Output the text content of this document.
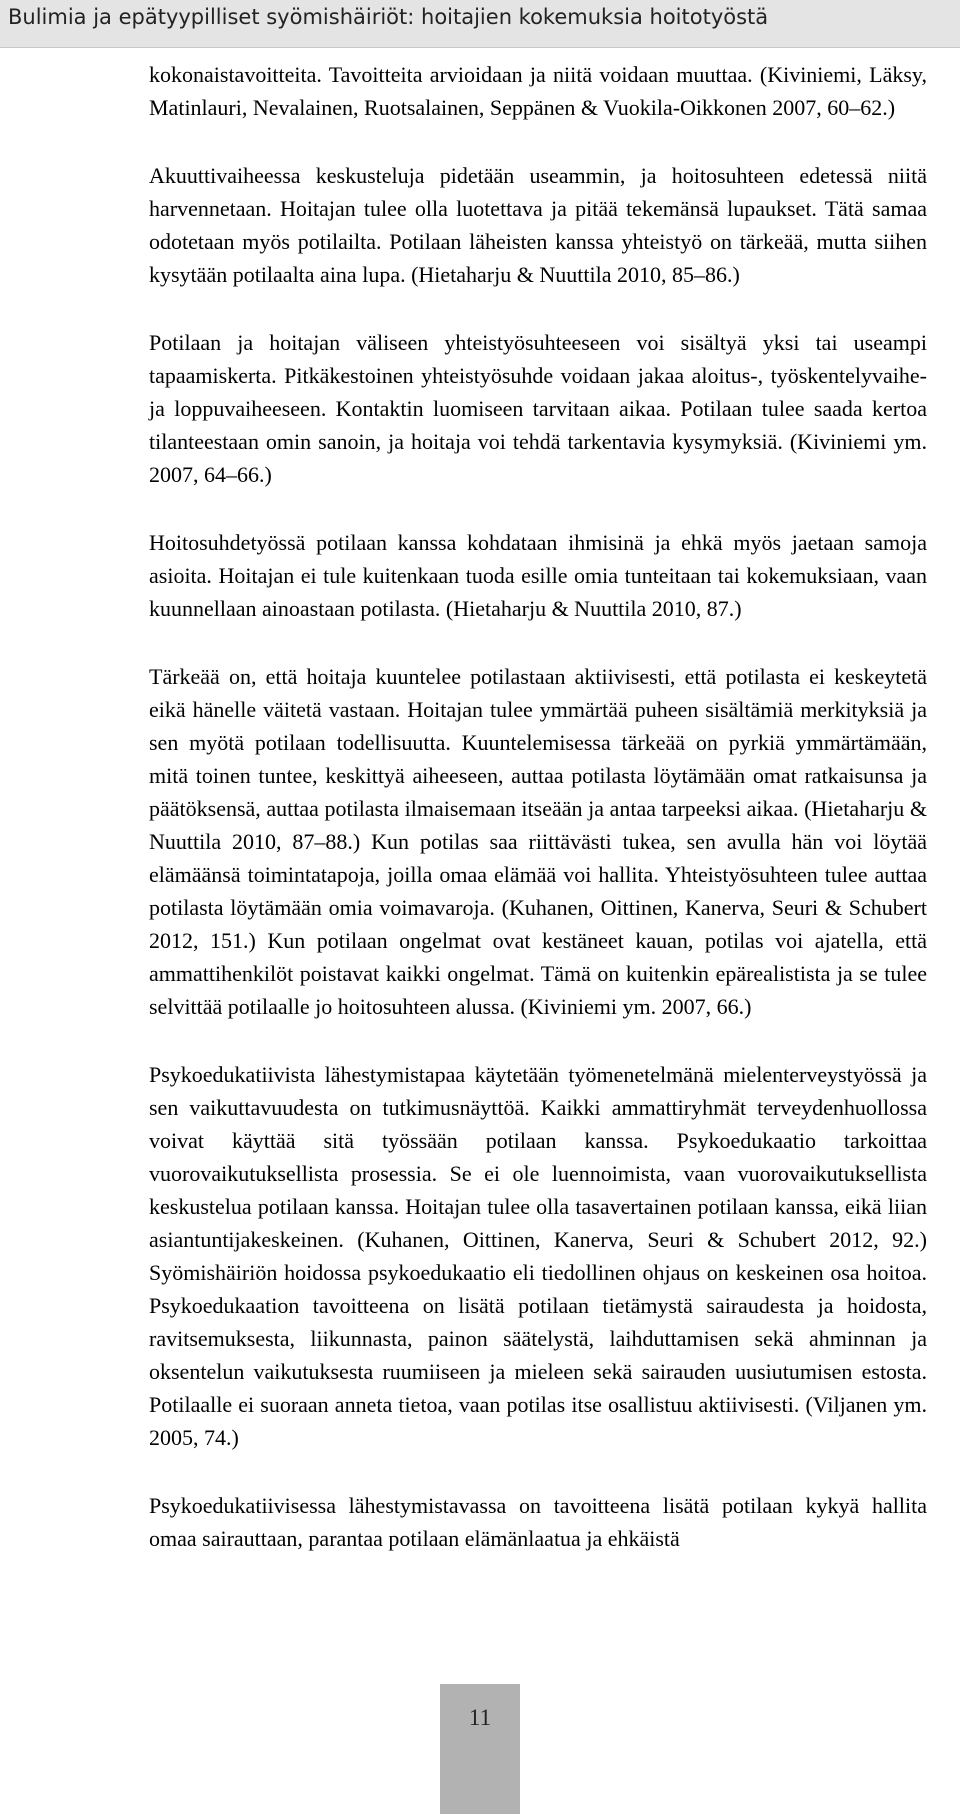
Bulimia ja epätyypilliset syömishäiriöt: hoitajien kokemuksia hoitotyöstä

kokonaistavoitteita. Tavoitteita arvioidaan ja niitä voidaan muuttaa. (Kiviniemi, Läksy, Matinlauri, Nevalainen, Ruotsalainen, Seppänen & Vuokila-Oikkonen 2007, 60–62.)

Akuuttivaiheessa keskusteluja pidetään useammin, ja hoitosuhteen edetessä niitä harvennetaan. Hoitajan tulee olla luotettava ja pitää tekemänsä lupaukset. Tätä samaa odotetaan myös potilailta. Potilaan läheisten kanssa yhteistyö on tärkeää, mutta siihen kysytään potilaalta aina lupa. (Hietaharju & Nuuttila 2010, 85–86.)

Potilaan ja hoitajan väliseen yhteistyösuhteeseen voi sisältyä yksi tai useampi tapaamiskerta. Pitkäkestoinen yhteistyösuhde voidaan jakaa aloitus-, työskentelyvaihe- ja loppuvaiheeseen. Kontaktin luomiseen tarvitaan aikaa. Potilaan tulee saada kertoa tilanteestaan omin sanoin, ja hoitaja voi tehdä tarkentavia kysymyksiä. (Kiviniemi ym. 2007, 64–66.)

Hoitosuhdetyössä potilaan kanssa kohdataan ihmisinä ja ehkä myös jaetaan samoja asioita. Hoitajan ei tule kuitenkaan tuoda esille omia tunteitaan tai kokemuksiaan, vaan kuunnellaan ainoastaan potilasta. (Hietaharju & Nuuttila 2010, 87.)

Tärkeää on, että hoitaja kuuntelee potilastaan aktiivisesti, että potilasta ei keskeytetä eikä hänelle väitetä vastaan. Hoitajan tulee ymmärtää puheen sisältämiä merkityksiä ja sen myötä potilaan todellisuutta. Kuuntelemisessa tärkeää on pyrkiä ymmärtämään, mitä toinen tuntee, keskittyä aiheeseen, auttaa potilasta löytämään omat ratkaisunsa ja päätöksensä, auttaa potilasta ilmaisemaan itseään ja antaa tarpeeksi aikaa. (Hietaharju & Nuuttila 2010, 87–88.) Kun potilas saa riittävästi tukea, sen avulla hän voi löytää elämäänsä toimintatapoja, joilla omaa elämää voi hallita. Yhteistyösuhteen tulee auttaa potilasta löytämään omia voimavaroja. (Kuhanen, Oittinen, Kanerva, Seuri & Schubert 2012, 151.) Kun potilaan ongelmat ovat kestäneet kauan, potilas voi ajatella, että ammattihenkilöt poistavat kaikki ongelmat. Tämä on kuitenkin epärealistista ja se tulee selvittää potilaalle jo hoitosuhteen alussa. (Kiviniemi ym. 2007, 66.)

Psykoedukatiivista lähestymistapaa käytetään työmenetelmänä mielenterveystyössä ja sen vaikuttavuudesta on tutkimusnäyttöä. Kaikki ammattiryhmät terveydenhuollossa voivat käyttää sitä työssään potilaan kanssa. Psykoedukaatio tarkoittaa vuorovaikutuksellista prosessia. Se ei ole luennoimista, vaan vuorovaikutuksellista keskustelua potilaan kanssa. Hoitajan tulee olla tasavertainen potilaan kanssa, eikä liian asiantuntijakeskeinen. (Kuhanen, Oittinen, Kanerva, Seuri & Schubert 2012, 92.) Syömishäiriön hoidossa psykoedukaatio eli tiedollinen ohjaus on keskeinen osa hoitoa. Psykoedukaation tavoitteena on lisätä potilaan tietämystä sairaudesta ja hoidosta, ravitsemuksesta, liikunnasta, painon säätelystä, laihduttamisen sekä ahminnan ja oksentelun vaikutuksesta ruumiiseen ja mieleen sekä sairauden uusiutumisen estosta. Potilaalle ei suoraan anneta tietoa, vaan potilas itse osallistuu aktiivisesti. (Viljanen ym. 2005, 74.)

Psykoedukatiivisessa lähestymistavassa on tavoitteena lisätä potilaan kykyä hallita omaa sairauttaan, parantaa potilaan elämänlaatua ja ehkäistä

11
